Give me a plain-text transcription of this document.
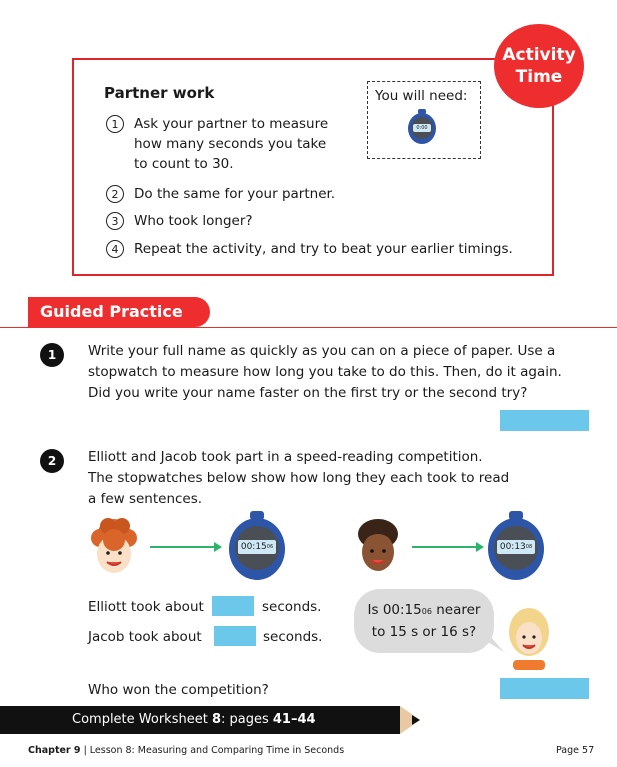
Activity
Time
Partner work
1	Ask your partner to measure
how many seconds you take
to count to 30.
2	Do the same for your partner.
3	Who took longer?
4	Repeat the activity, and try to beat your earlier timings.
You will need:
0:00
Guided Practice
1	Write your full name as quickly as you can on a piece of paper. Use a
stopwatch to measure how long you take to do this. Then, do it again.
Did you write your name faster on the first try or the second try?
2	Elliott and Jacob took part in a speed-reading competition.
The stopwatches below show how long they each took to read
a few sentences.
00:15 06	00:13 08
Elliott took about	seconds.
Jacob took about	seconds.
Is 00:1506 nearer
to 15 s or 16 s?
Who won the competition?
Complete Worksheet 8: pages 41–44
Chapter 9 | Lesson 8: Measuring and Comparing Time in Seconds	Page 57
